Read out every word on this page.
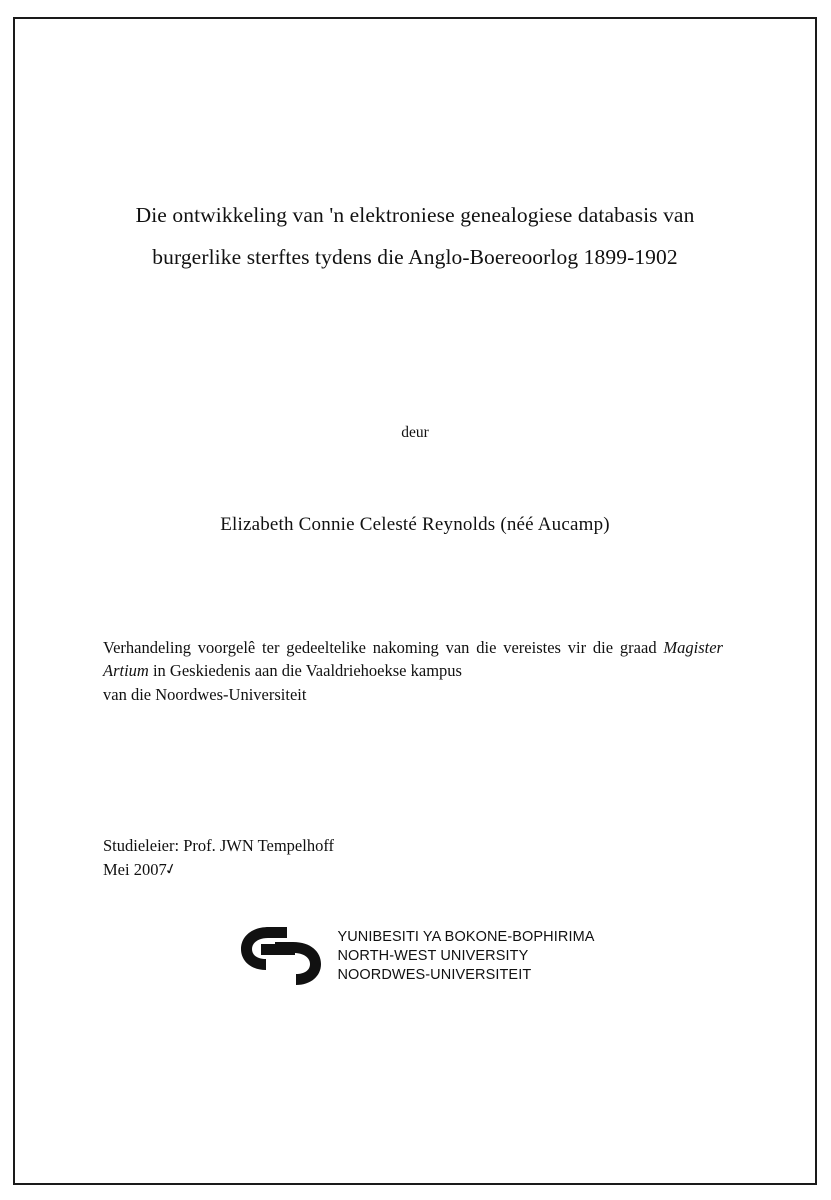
Die ontwikkeling van 'n elektroniese genealogiese databasis van
burgerlike sterftes tydens die Anglo-Boereoorlog 1899-1902
deur
Elizabeth Connie Celesté Reynolds (néé Aucamp)
Verhandeling voorgelê ter gedeeltelike nakoming van die vereistes vir die graad Magister Artium in Geskiedenis aan die Vaaldriehoekse kampus
van die Noordwes-Universiteit
Studieleier: Prof. JWN Tempelhoff
Mei 2007✓
YUNIBESITI YA BOKONE-BOPHIRIMA
NORTH-WEST UNIVERSITY
NOORDWES-UNIVERSITEIT
